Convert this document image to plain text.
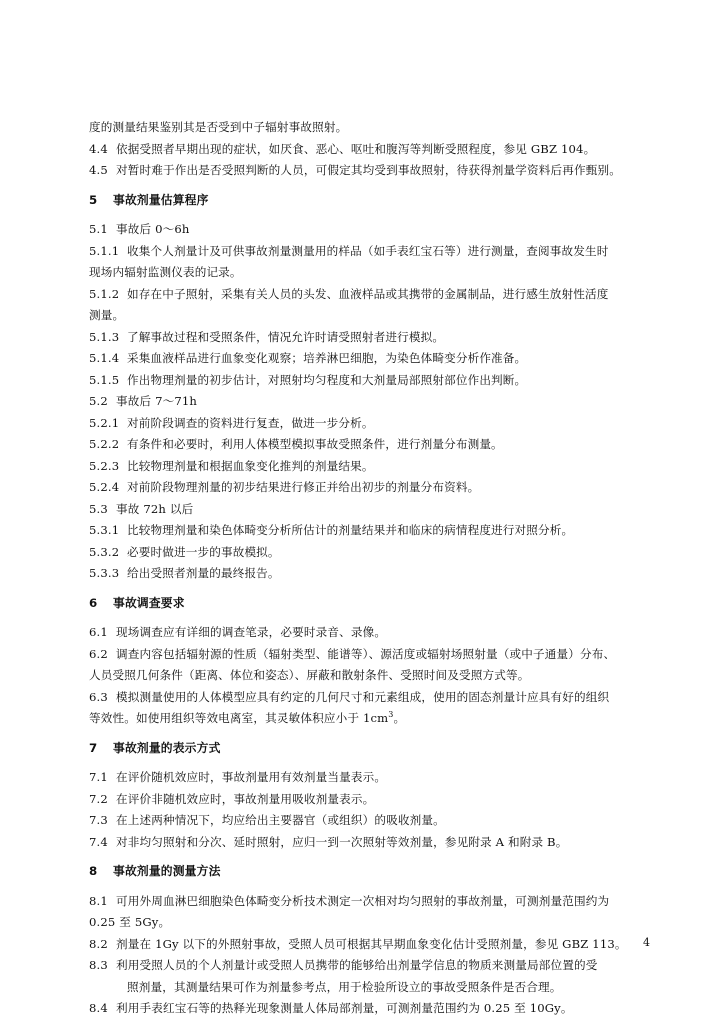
度的测量结果鉴别其是否受到中子辐射事故照射。

4.4 依据受照者早期出现的症状，如厌食、恶心、呕吐和腹泻等判断受照程度，参见 GBZ 104。

4.5 对暂时难于作出是否受照判断的人员，可假定其均受到事故照射，待获得剂量学资料后再作甄别。

5 事故剂量估算程序

5.1 事故后 0～6h

5.1.1 收集个人剂量计及可供事故剂量测量用的样品（如手表红宝石等）进行测量，查阅事故发生时

现场内辐射监测仪表的记录。

5.1.2 如存在中子照射，采集有关人员的头发、血液样品或其携带的金属制品，进行感生放射性活度

测量。

5.1.3 了解事故过程和受照条件，情况允许时请受照射者进行模拟。

5.1.4 采集血液样品进行血象变化观察；培养淋巴细胞，为染色体畸变分析作准备。

5.1.5 作出物理剂量的初步估计，对照射均匀程度和大剂量局部照射部位作出判断。

5.2 事故后 7～71h

5.2.1 对前阶段调查的资料进行复查，做进一步分析。

5.2.2 有条件和必要时，利用人体模型模拟事故受照条件，进行剂量分布测量。

5.2.3 比较物理剂量和根据血象变化推判的剂量结果。

5.2.4 对前阶段物理剂量的初步结果进行修正并给出初步的剂量分布资料。

5.3 事故 72h 以后

5.3.1 比较物理剂量和染色体畸变分析所估计的剂量结果并和临床的病情程度进行对照分析。

5.3.2 必要时做进一步的事故模拟。

5.3.3 给出受照者剂量的最终报告。

6 事故调查要求

6.1 现场调查应有详细的调查笔录，必要时录音、录像。

6.2 调查内容包括辐射源的性质（辐射类型、能谱等）、源活度或辐射场照射量（或中子通量）分布、

人员受照几何条件（距离、体位和姿态）、屏蔽和散射条件、受照时间及受照方式等。

6.3 模拟测量使用的人体模型应具有约定的几何尺寸和元素组成，使用的固态剂量计应具有好的组织

等效性。如使用组织等效电离室，其灵敏体积应小于 $1cm^3$。

7 事故剂量的表示方式

7.1 在评价随机效应时，事故剂量用有效剂量当量表示。

7.2 在评价非随机效应时，事故剂量用吸收剂量表示。

7.3 在上述两种情况下，均应给出主要器官（或组织）的吸收剂量。

7.4 对非均匀照射和分次、延时照射，应归一到一次照射等效剂量，参见附录 A 和附录 B。

8 事故剂量的测量方法

8.1 可用外周血淋巴细胞染色体畸变分析技术测定一次相对均匀照射的事故剂量，可测剂量范围约为

0.25 至 5Gy。

8.2 剂量在 1Gy 以下的外照射事故，受照人员可根据其早期血象变化估计受照剂量，参见 GBZ 113。

8.3 利用受照人员的个人剂量计或受照人员携带的能够给出剂量学信息的物质来测量局部位置的受

照剂量，其测量结果可作为剂量参考点，用于检验所设立的事故受照条件是否合理。

8.4 利用手表红宝石等的热释光现象测量人体局部剂量，可测剂量范围约为 0.25 至 10Gy。

4
